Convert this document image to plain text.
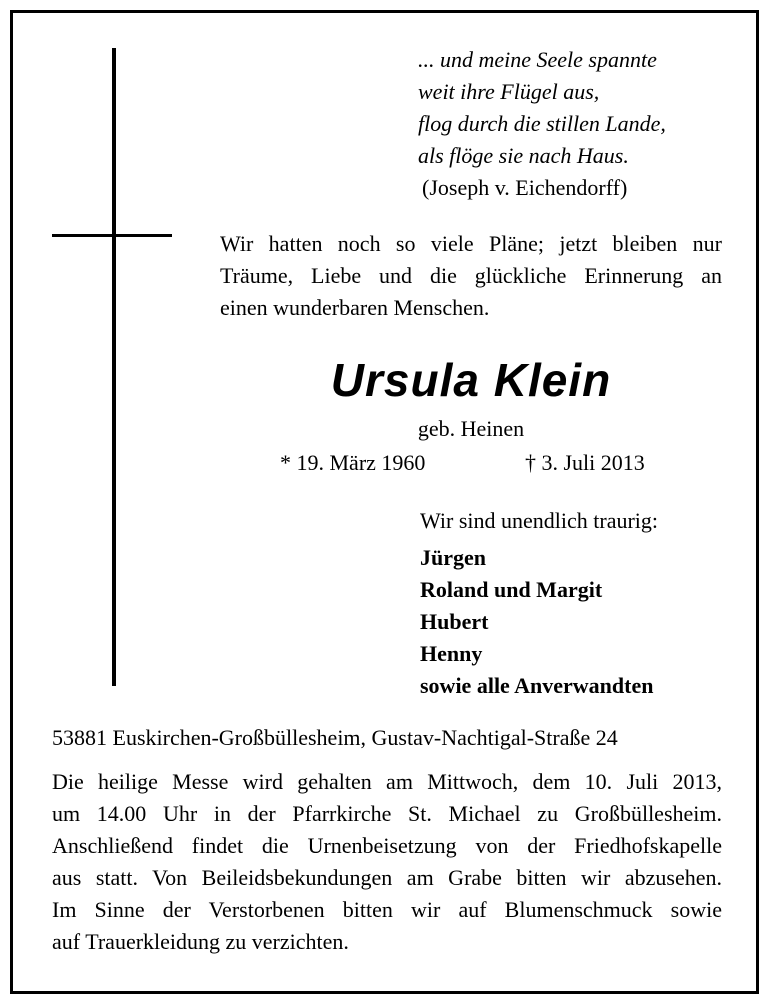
... und meine Seele spannte
weit ihre Flügel aus,
flog durch die stillen Lande,
als flöge sie nach Haus.
(Joseph v. Eichendorff)
Wir hatten noch so viele Pläne; jetzt bleiben nur
Träume, Liebe und die glückliche Erinnerung an
einen wunderbaren Menschen.
Ursula Klein
geb. Heinen
* 19. März 1960	† 3. Juli 2013
Wir sind unendlich traurig:
Jürgen
Roland und Margit
Hubert
Henny
sowie alle Anverwandten
53881 Euskirchen-Großbüllesheim, Gustav-Nachtigal-Straße 24
Die heilige Messe wird gehalten am Mittwoch, dem 10. Juli 2013,
um 14.00 Uhr in der Pfarrkirche St. Michael zu Großbüllesheim.
Anschließend findet die Urnenbeisetzung von der Friedhofskapelle
aus statt. Von Beileidsbekundungen am Grabe bitten wir abzusehen.
Im Sinne der Verstorbenen bitten wir auf Blumenschmuck sowie
auf Trauerkleidung zu verzichten.
